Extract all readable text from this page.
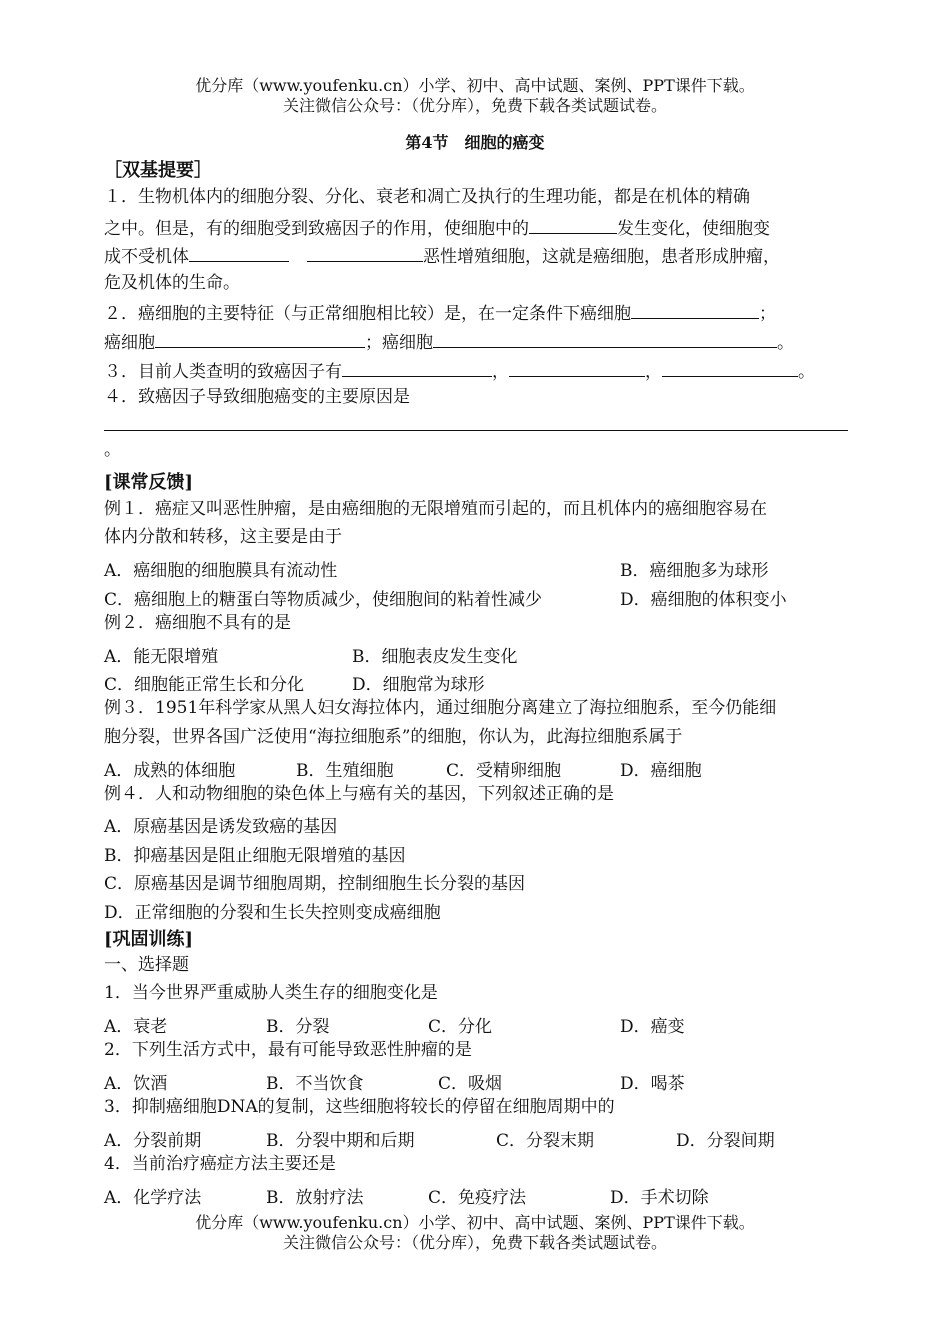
优分库（www.youfenku.cn）小学、初中、高中试题、案例、PPT课件下载。
关注微信公众号：（优分库），免费下载各类试题试卷。
第4节　细胞的癌变
［双基提要］
１．生物机体内的细胞分裂、分化、衰老和凋亡及执行的生理功能，都是在机体的精确
之中。但是，有的细胞受到致癌因子的作用，使细胞中的	发生变化，使细胞变
成不受机体	恶性增殖细胞，这就是癌细胞，患者形成肿瘤，
危及机体的生命。
２．癌细胞的主要特征（与正常细胞相比较）是，在一定条件下癌细胞	；
癌细胞	；癌细胞	。
３．目前人类查明的致癌因子有	，	，	。
４．致癌因子导致细胞癌变的主要原因是
。
[课常反馈]
例１．癌症又叫恶性肿瘤，是由癌细胞的无限增殖而引起的，而且机体内的癌细胞容易在
体内分散和转移，这主要是由于
A．癌细胞的细胞膜具有流动性	B．癌细胞多为球形
C．癌细胞上的糖蛋白等物质减少，使细胞间的粘着性减少	D．癌细胞的体积变小
例２．癌细胞不具有的是
A．能无限增殖	B．细胞表皮发生变化
C．细胞能正常生长和分化	D．细胞常为球形
例３．1951年科学家从黑人妇女海拉体内，通过细胞分离建立了海拉细胞系，至今仍能细
胞分裂，世界各国广泛使用“海拉细胞系”的细胞，你认为，此海拉细胞系属于
A．成熟的体细胞	B．生殖细胞	C．受精卵细胞	D．癌细胞
例４．人和动物细胞的染色体上与癌有关的基因，下列叙述正确的是
A．原癌基因是诱发致癌的基因
B．抑癌基因是阻止细胞无限增殖的基因
C．原癌基因是调节细胞周期，控制细胞生长分裂的基因
D．正常细胞的分裂和生长失控则变成癌细胞
[巩固训练]
一、选择题
1．当今世界严重威胁人类生存的细胞变化是
A．衰老	B．分裂	C．分化	D．癌变
2．下列生活方式中，最有可能导致恶性肿瘤的是
A．饮酒	B．不当饮食	C．吸烟	D．喝茶
3．抑制癌细胞DNA的复制，这些细胞将较长的停留在细胞周期中的
A．分裂前期	B．分裂中期和后期	C．分裂末期	D．分裂间期
4．当前治疗癌症方法主要还是
A．化学疗法	B．放射疗法	C．免疫疗法	D．手术切除
优分库（www.youfenku.cn）小学、初中、高中试题、案例、PPT课件下载。
关注微信公众号：（优分库），免费下载各类试题试卷。
